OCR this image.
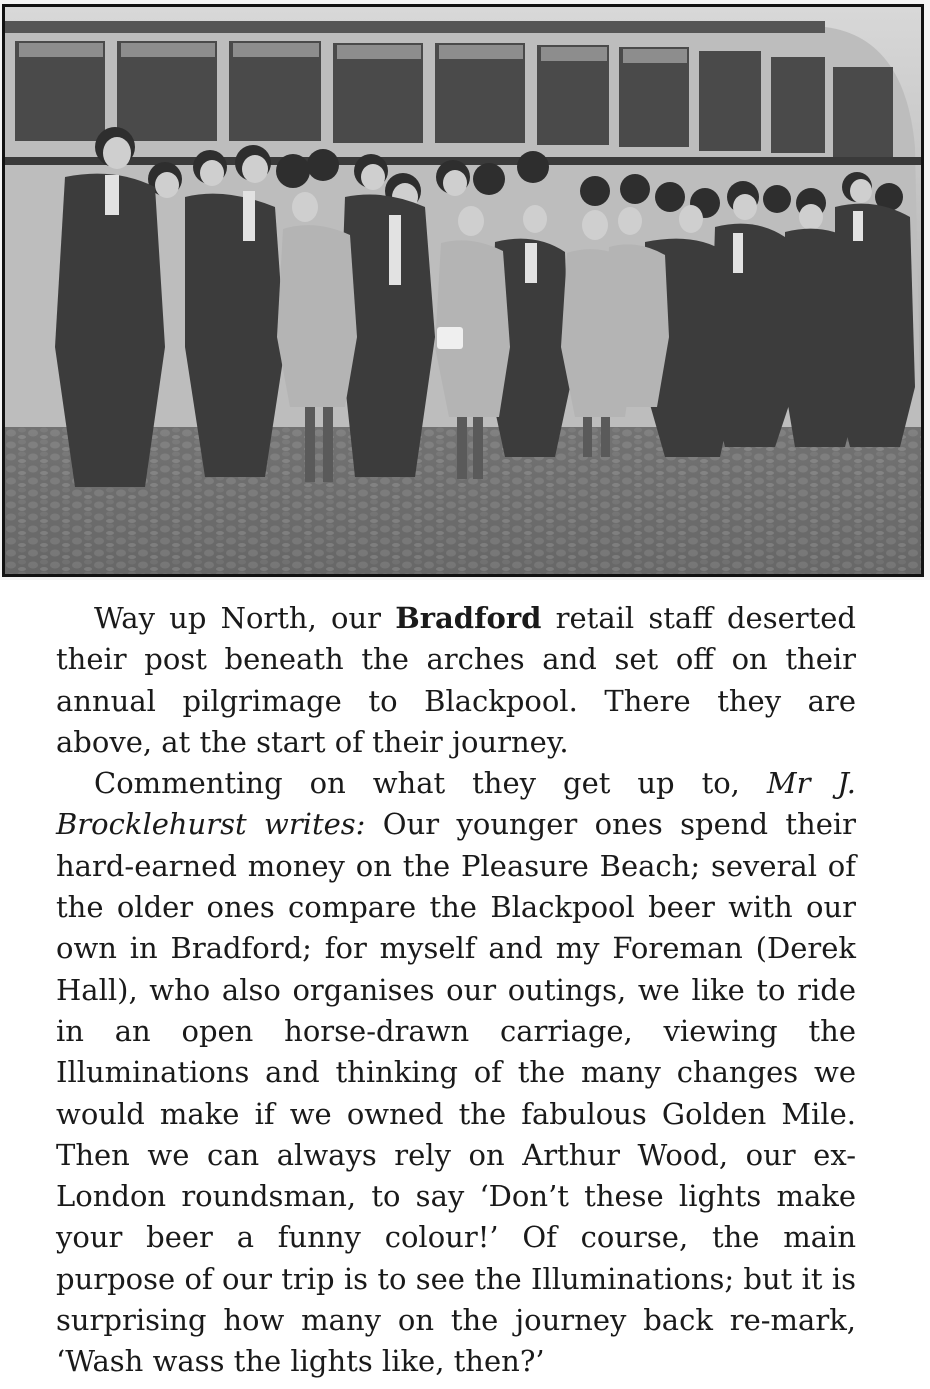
Way up North, our Bradford retail staff deserted their post beneath the arches and set off on their annual pilgrimage to Blackpool. There they are above, at the start of their journey.

Commenting on what they get up to, Mr J. Brocklehurst writes: Our younger ones spend their hard-earned money on the Pleasure Beach; several of the older ones compare the Blackpool beer with our own in Bradford; for myself and my Foreman (Derek Hall), who also organises our outings, we like to ride in an open horse-drawn carriage, viewing the Illuminations and thinking of the many changes we would make if we owned the fabulous Golden Mile. Then we can always rely on Arthur Wood, our ex-London roundsman, to say ‘Don’t these lights make your beer a funny colour!’ Of course, the main purpose of our trip is to see the Illuminations; but it is surprising how many on the journey back re-mark, ‘Wash wass the lights like, then?’
